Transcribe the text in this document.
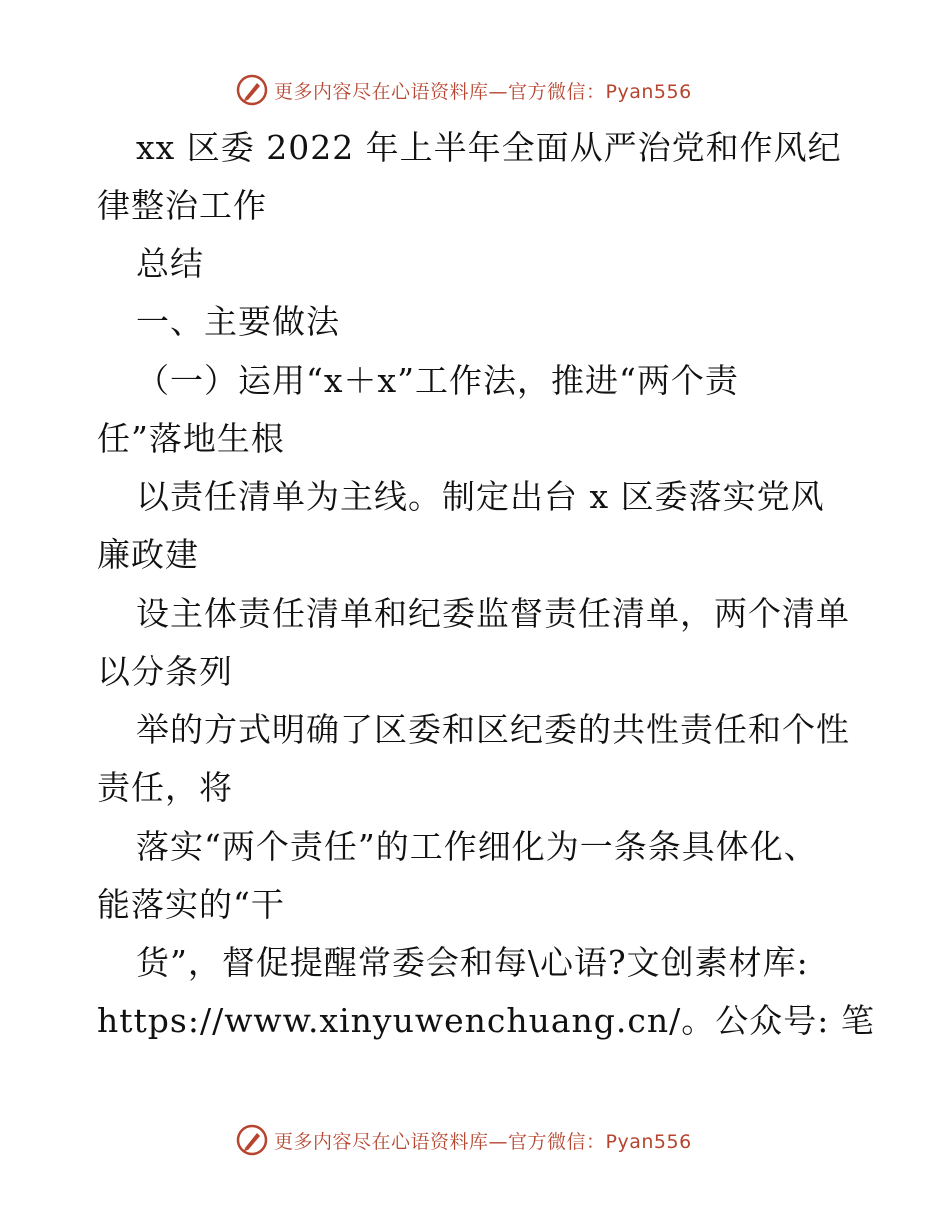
更多内容尽在心语资料库—官方微信：Pyan556
xx 区委 2022 年上半年全面从严治党和作风纪
律整治工作
总结
一、主要做法
（一）运用“x＋x”工作法，推进“两个责
任”落地生根
以责任清单为主线。制定出台 x 区委落实党风
廉政建
设主体责任清单和纪委监督责任清单，两个清单
以分条列
举的方式明确了区委和区纪委的共性责任和个性
责任，将
落实“两个责任”的工作细化为一条条具体化、
能落实的“干
货”，督促提醒常委会和每\心语?文创素材库:
https://www.xinyuwenchuang.cn/。公众号: 笔
更多内容尽在心语资料库—官方微信：Pyan556
